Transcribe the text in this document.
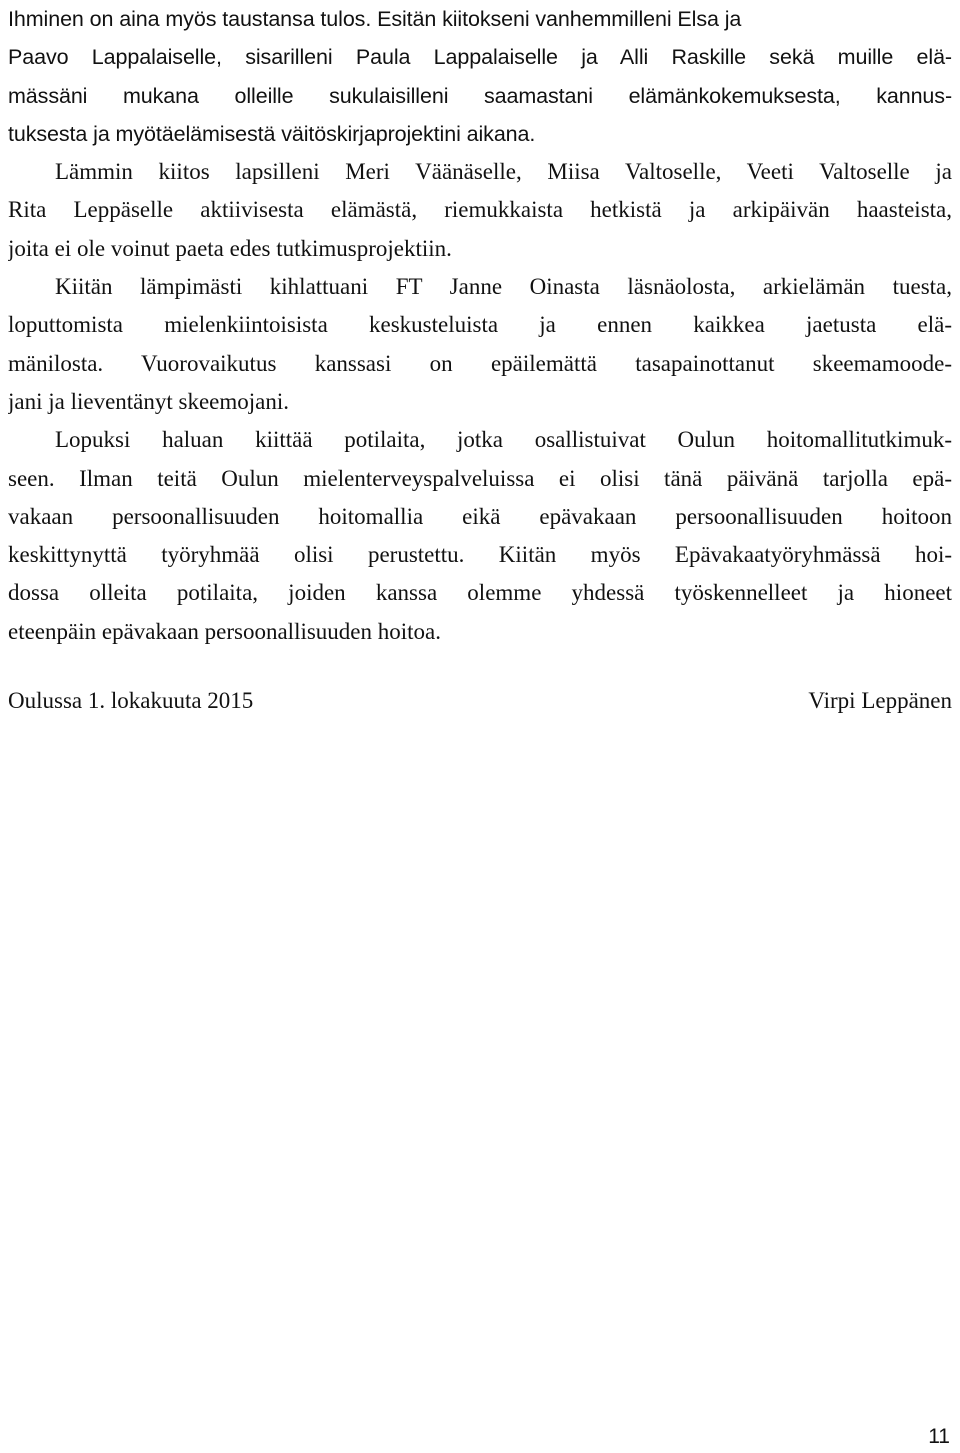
Ihminen on aina myös taustansa tulos. Esitän kiitokseni vanhemmilleni Elsa ja
Paavo Lappalaiselle, sisarilleni Paula Lappalaiselle ja Alli Raskille sekä muille elä-
mässäni mukana olleille sukulaisilleni saamastani elämänkokemuksesta, kannus-
tuksesta ja myötäelämisestä väitöskirjaprojektini aikana.
Lämmin kiitos lapsilleni Meri Väänäselle, Miisa Valtoselle, Veeti Valtoselle ja
Rita Leppäselle aktiivisesta elämästä, riemukkaista hetkistä ja arkipäivän haasteista,
joita ei ole voinut paeta edes tutkimusprojektiin.
Kiitän lämpimästi kihlattuani FT Janne Oinasta läsnäolosta, arkielämän tuesta,
loputtomista mielenkiintoisista keskusteluista ja ennen kaikkea jaetusta elä-
mänilosta. Vuorovaikutus kanssasi on epäilemättä tasapainottanut skeemamoode-
jani ja lieventänyt skeemojani.
Lopuksi haluan kiittää potilaita, jotka osallistuivat Oulun hoitomallitutkimuk-
seen. Ilman teitä Oulun mielenterveyspalveluissa ei olisi tänä päivänä tarjolla epä-
vakaan persoonallisuuden hoitomallia eikä epävakaan persoonallisuuden hoitoon
keskittynyttä työryhmää olisi perustettu. Kiitän myös Epävakaatyöryhmässä hoi-
dossa olleita potilaita, joiden kanssa olemme yhdessä työskennelleet ja hioneet
eteenpäin epävakaan persoonallisuuden hoitoa.
Oulussa 1. lokakuuta 2015	Virpi Leppänen
11
